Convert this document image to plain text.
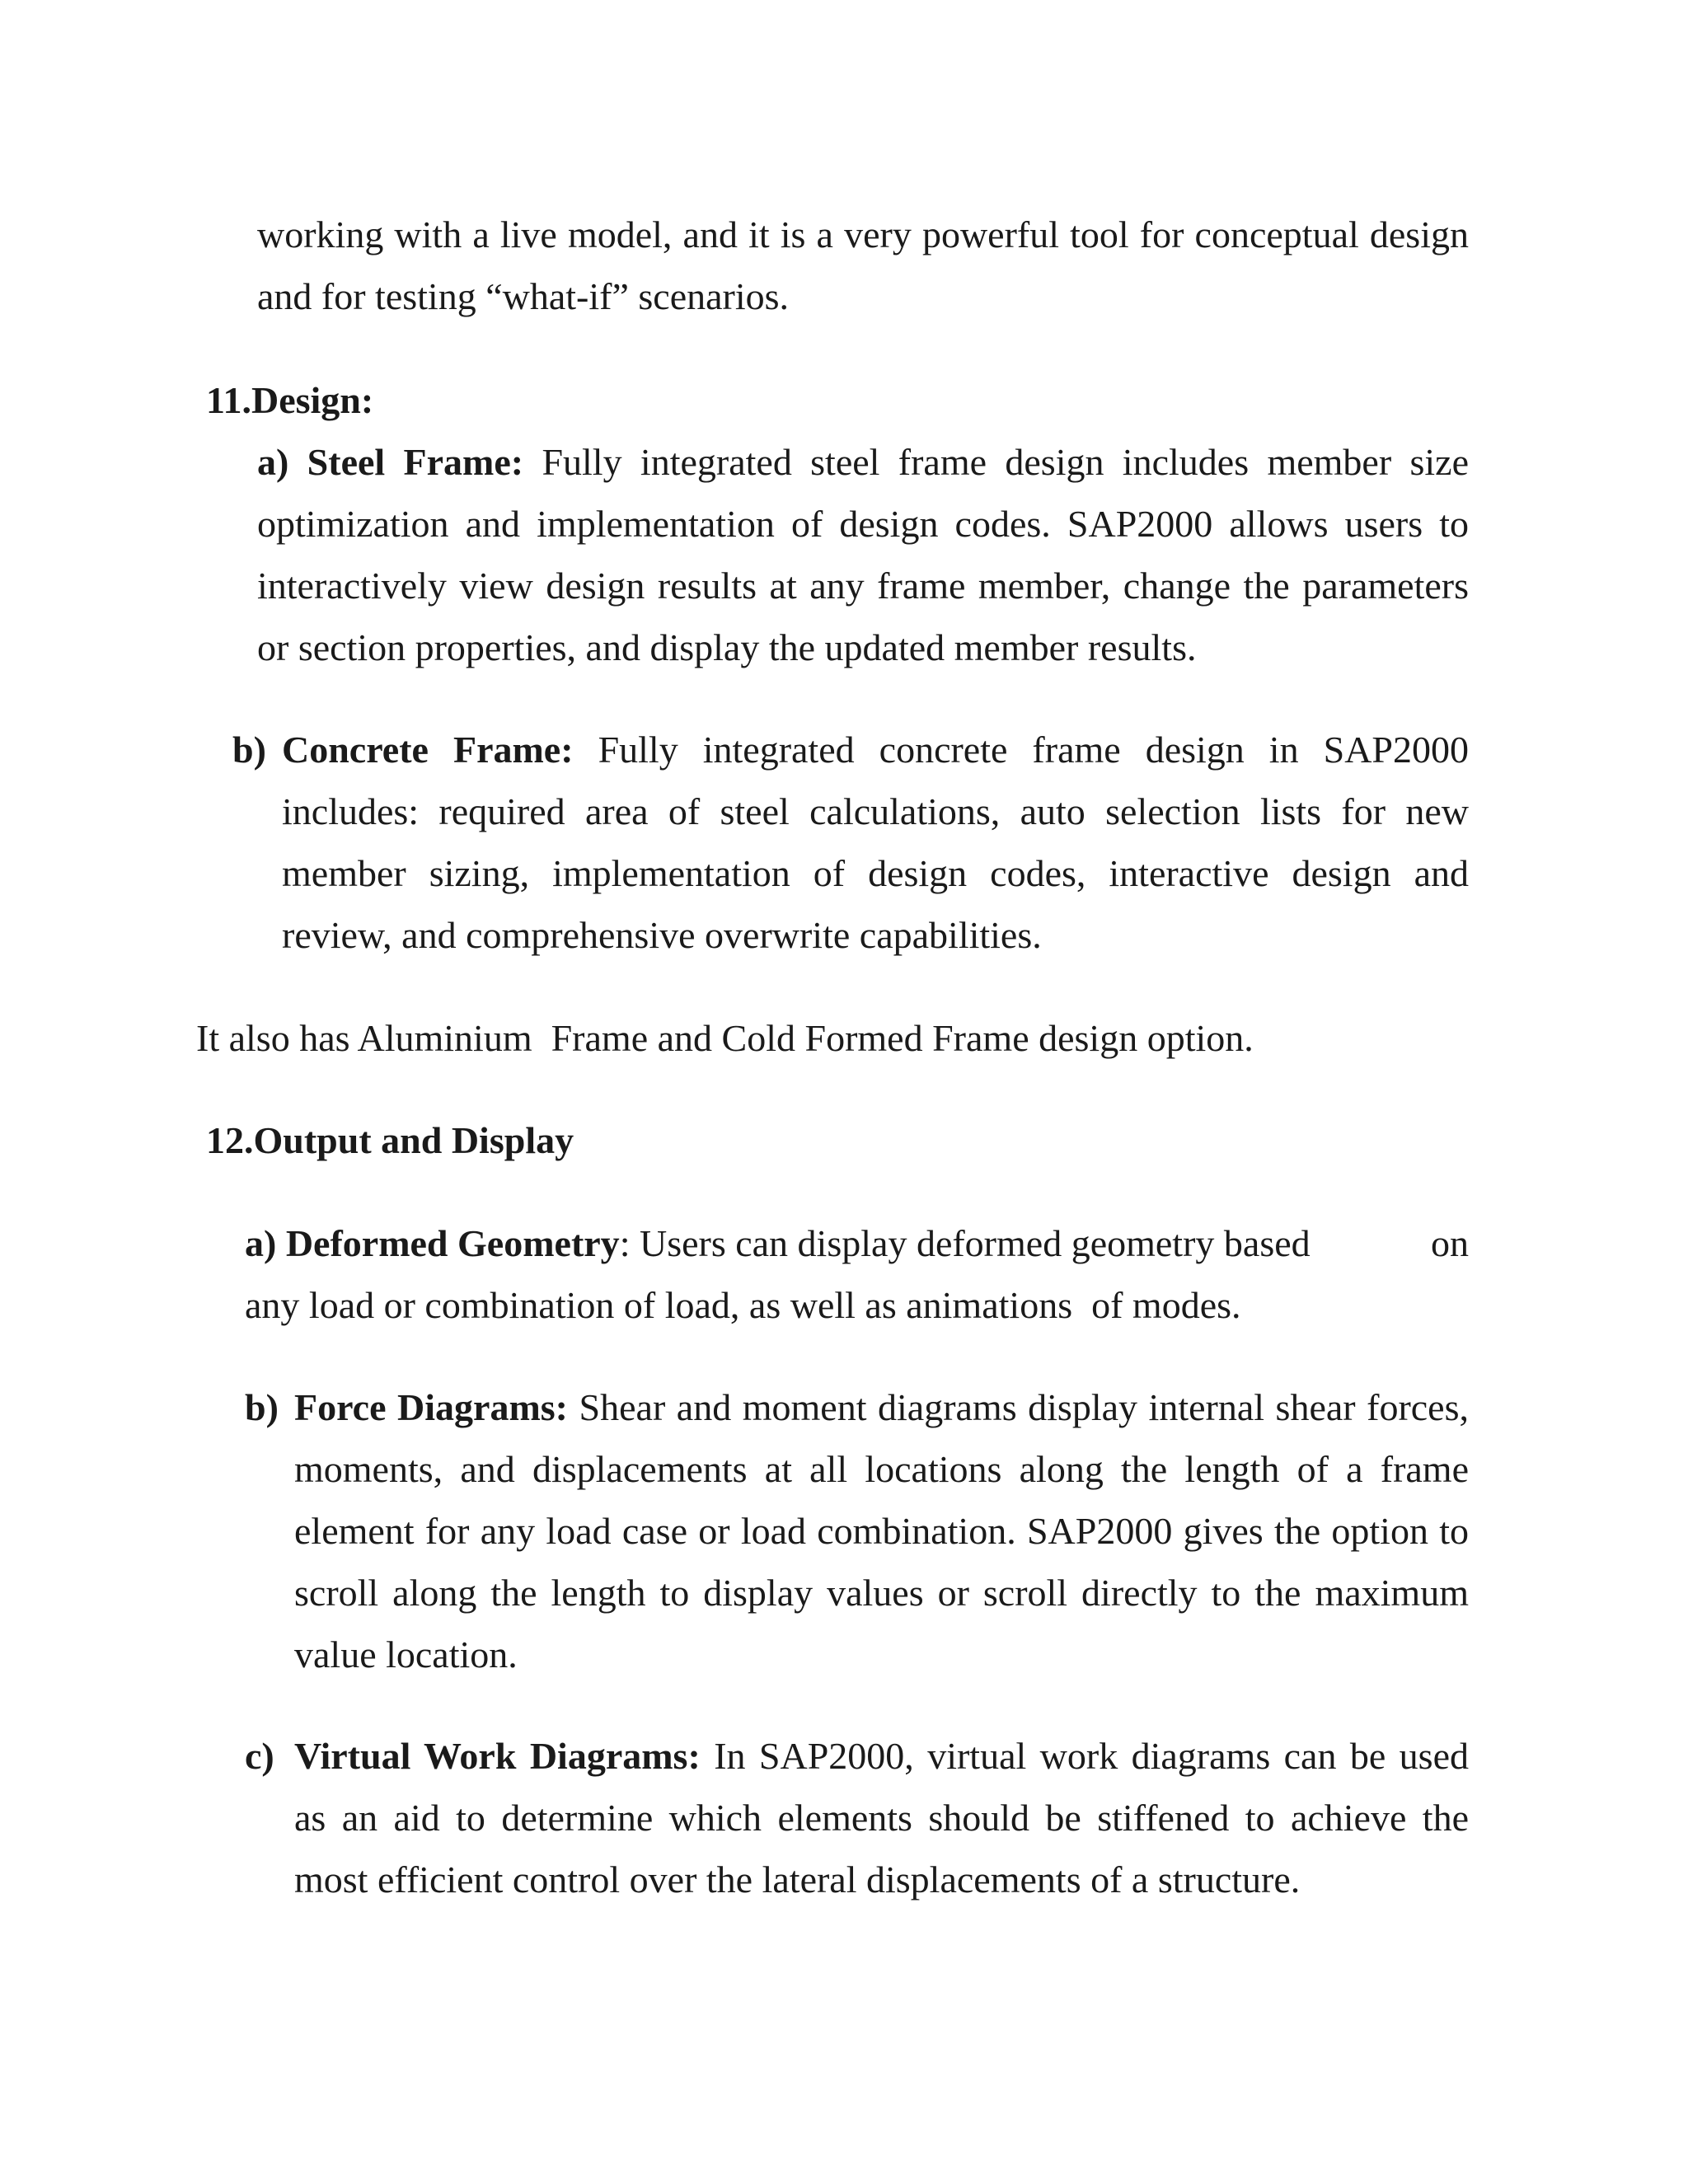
working with a live model, and it is a very powerful tool for conceptual design and for testing “what-if” scenarios.

11.Design:

a) Steel Frame: Fully integrated steel frame design includes member size optimization and implementation of design codes. SAP2000 allows users to interactively view design results at any frame member, change the parameters or section properties, and display the updated member results.

b) Concrete Frame: Fully integrated concrete frame design in SAP2000 includes: required area of steel calculations, auto selection lists for new member sizing, implementation of design codes, interactive design and review, and comprehensive overwrite capabilities.

It also has Aluminium  Frame and Cold Formed Frame design option.

12.Output and Display

a) Deformed Geometry: Users can display deformed geometry based	on

any load or combination of load, as well as animations  of modes.

b) Force Diagrams: Shear and moment diagrams display internal shear forces, moments, and displacements at all locations along the length of a frame element for any load case or load combination. SAP2000 gives the option to scroll along the length to display values or scroll directly to the maximum value location.

c) Virtual Work Diagrams: In SAP2000, virtual work diagrams can be used as an aid to determine which elements should be stiffened to achieve the most efficient control over the lateral displacements of a structure.
